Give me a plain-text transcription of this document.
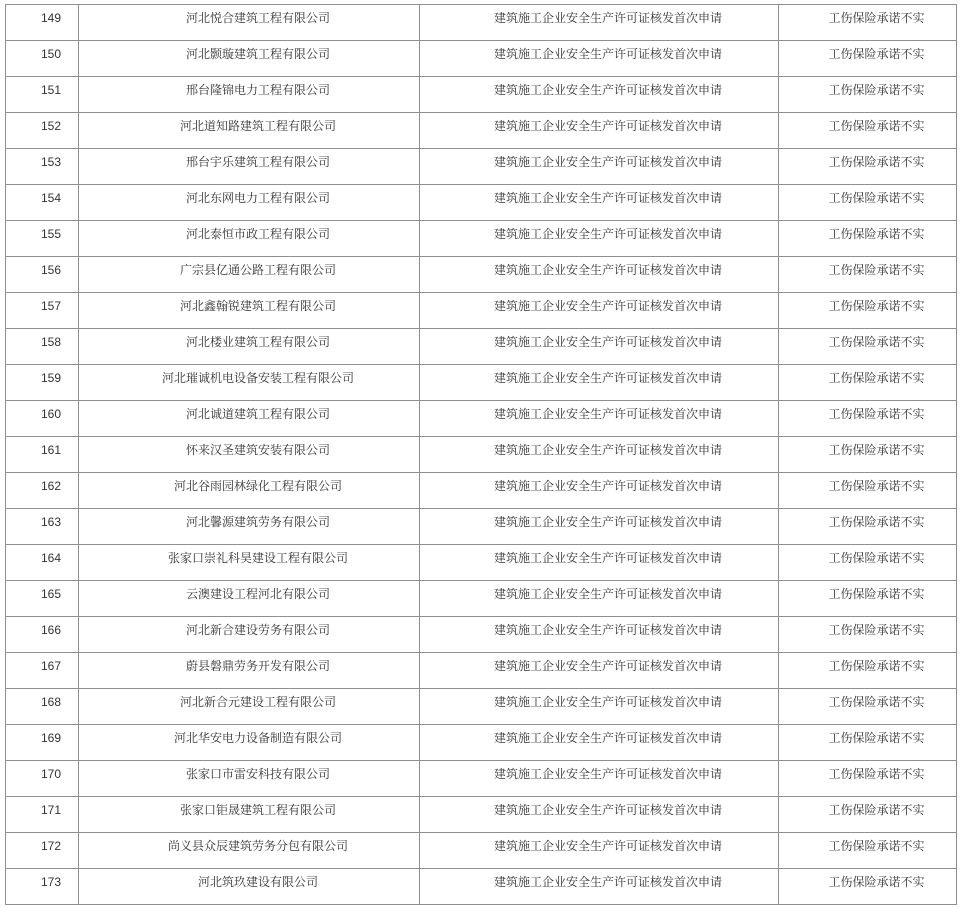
149	河北悦合建筑工程有限公司	建筑施工企业安全生产许可证核发首次申请	工伤保险承诺不实
150	河北颢璇建筑工程有限公司	建筑施工企业安全生产许可证核发首次申请	工伤保险承诺不实
151	邢台隆锦电力工程有限公司	建筑施工企业安全生产许可证核发首次申请	工伤保险承诺不实
152	河北道知路建筑工程有限公司	建筑施工企业安全生产许可证核发首次申请	工伤保险承诺不实
153	邢台宇乐建筑工程有限公司	建筑施工企业安全生产许可证核发首次申请	工伤保险承诺不实
154	河北东网电力工程有限公司	建筑施工企业安全生产许可证核发首次申请	工伤保险承诺不实
155	河北泰恒市政工程有限公司	建筑施工企业安全生产许可证核发首次申请	工伤保险承诺不实
156	广宗县亿通公路工程有限公司	建筑施工企业安全生产许可证核发首次申请	工伤保险承诺不实
157	河北鑫翰锐建筑工程有限公司	建筑施工企业安全生产许可证核发首次申请	工伤保险承诺不实
158	河北楼业建筑工程有限公司	建筑施工企业安全生产许可证核发首次申请	工伤保险承诺不实
159	河北璀诚机电设备安装工程有限公司	建筑施工企业安全生产许可证核发首次申请	工伤保险承诺不实
160	河北诚道建筑工程有限公司	建筑施工企业安全生产许可证核发首次申请	工伤保险承诺不实
161	怀来汉圣建筑安装有限公司	建筑施工企业安全生产许可证核发首次申请	工伤保险承诺不实
162	河北谷雨园林绿化工程有限公司	建筑施工企业安全生产许可证核发首次申请	工伤保险承诺不实
163	河北馨源建筑劳务有限公司	建筑施工企业安全生产许可证核发首次申请	工伤保险承诺不实
164	张家口崇礼科昊建设工程有限公司	建筑施工企业安全生产许可证核发首次申请	工伤保险承诺不实
165	云澳建设工程河北有限公司	建筑施工企业安全生产许可证核发首次申请	工伤保险承诺不实
166	河北新合建设劳务有限公司	建筑施工企业安全生产许可证核发首次申请	工伤保险承诺不实
167	蔚县磐鼎劳务开发有限公司	建筑施工企业安全生产许可证核发首次申请	工伤保险承诺不实
168	河北新合元建设工程有限公司	建筑施工企业安全生产许可证核发首次申请	工伤保险承诺不实
169	河北华安电力设备制造有限公司	建筑施工企业安全生产许可证核发首次申请	工伤保险承诺不实
170	张家口市雷安科技有限公司	建筑施工企业安全生产许可证核发首次申请	工伤保险承诺不实
171	张家口钜晟建筑工程有限公司	建筑施工企业安全生产许可证核发首次申请	工伤保险承诺不实
172	尚义县众辰建筑劳务分包有限公司	建筑施工企业安全生产许可证核发首次申请	工伤保险承诺不实
173	河北筑玖建设有限公司	建筑施工企业安全生产许可证核发首次申请	工伤保险承诺不实
